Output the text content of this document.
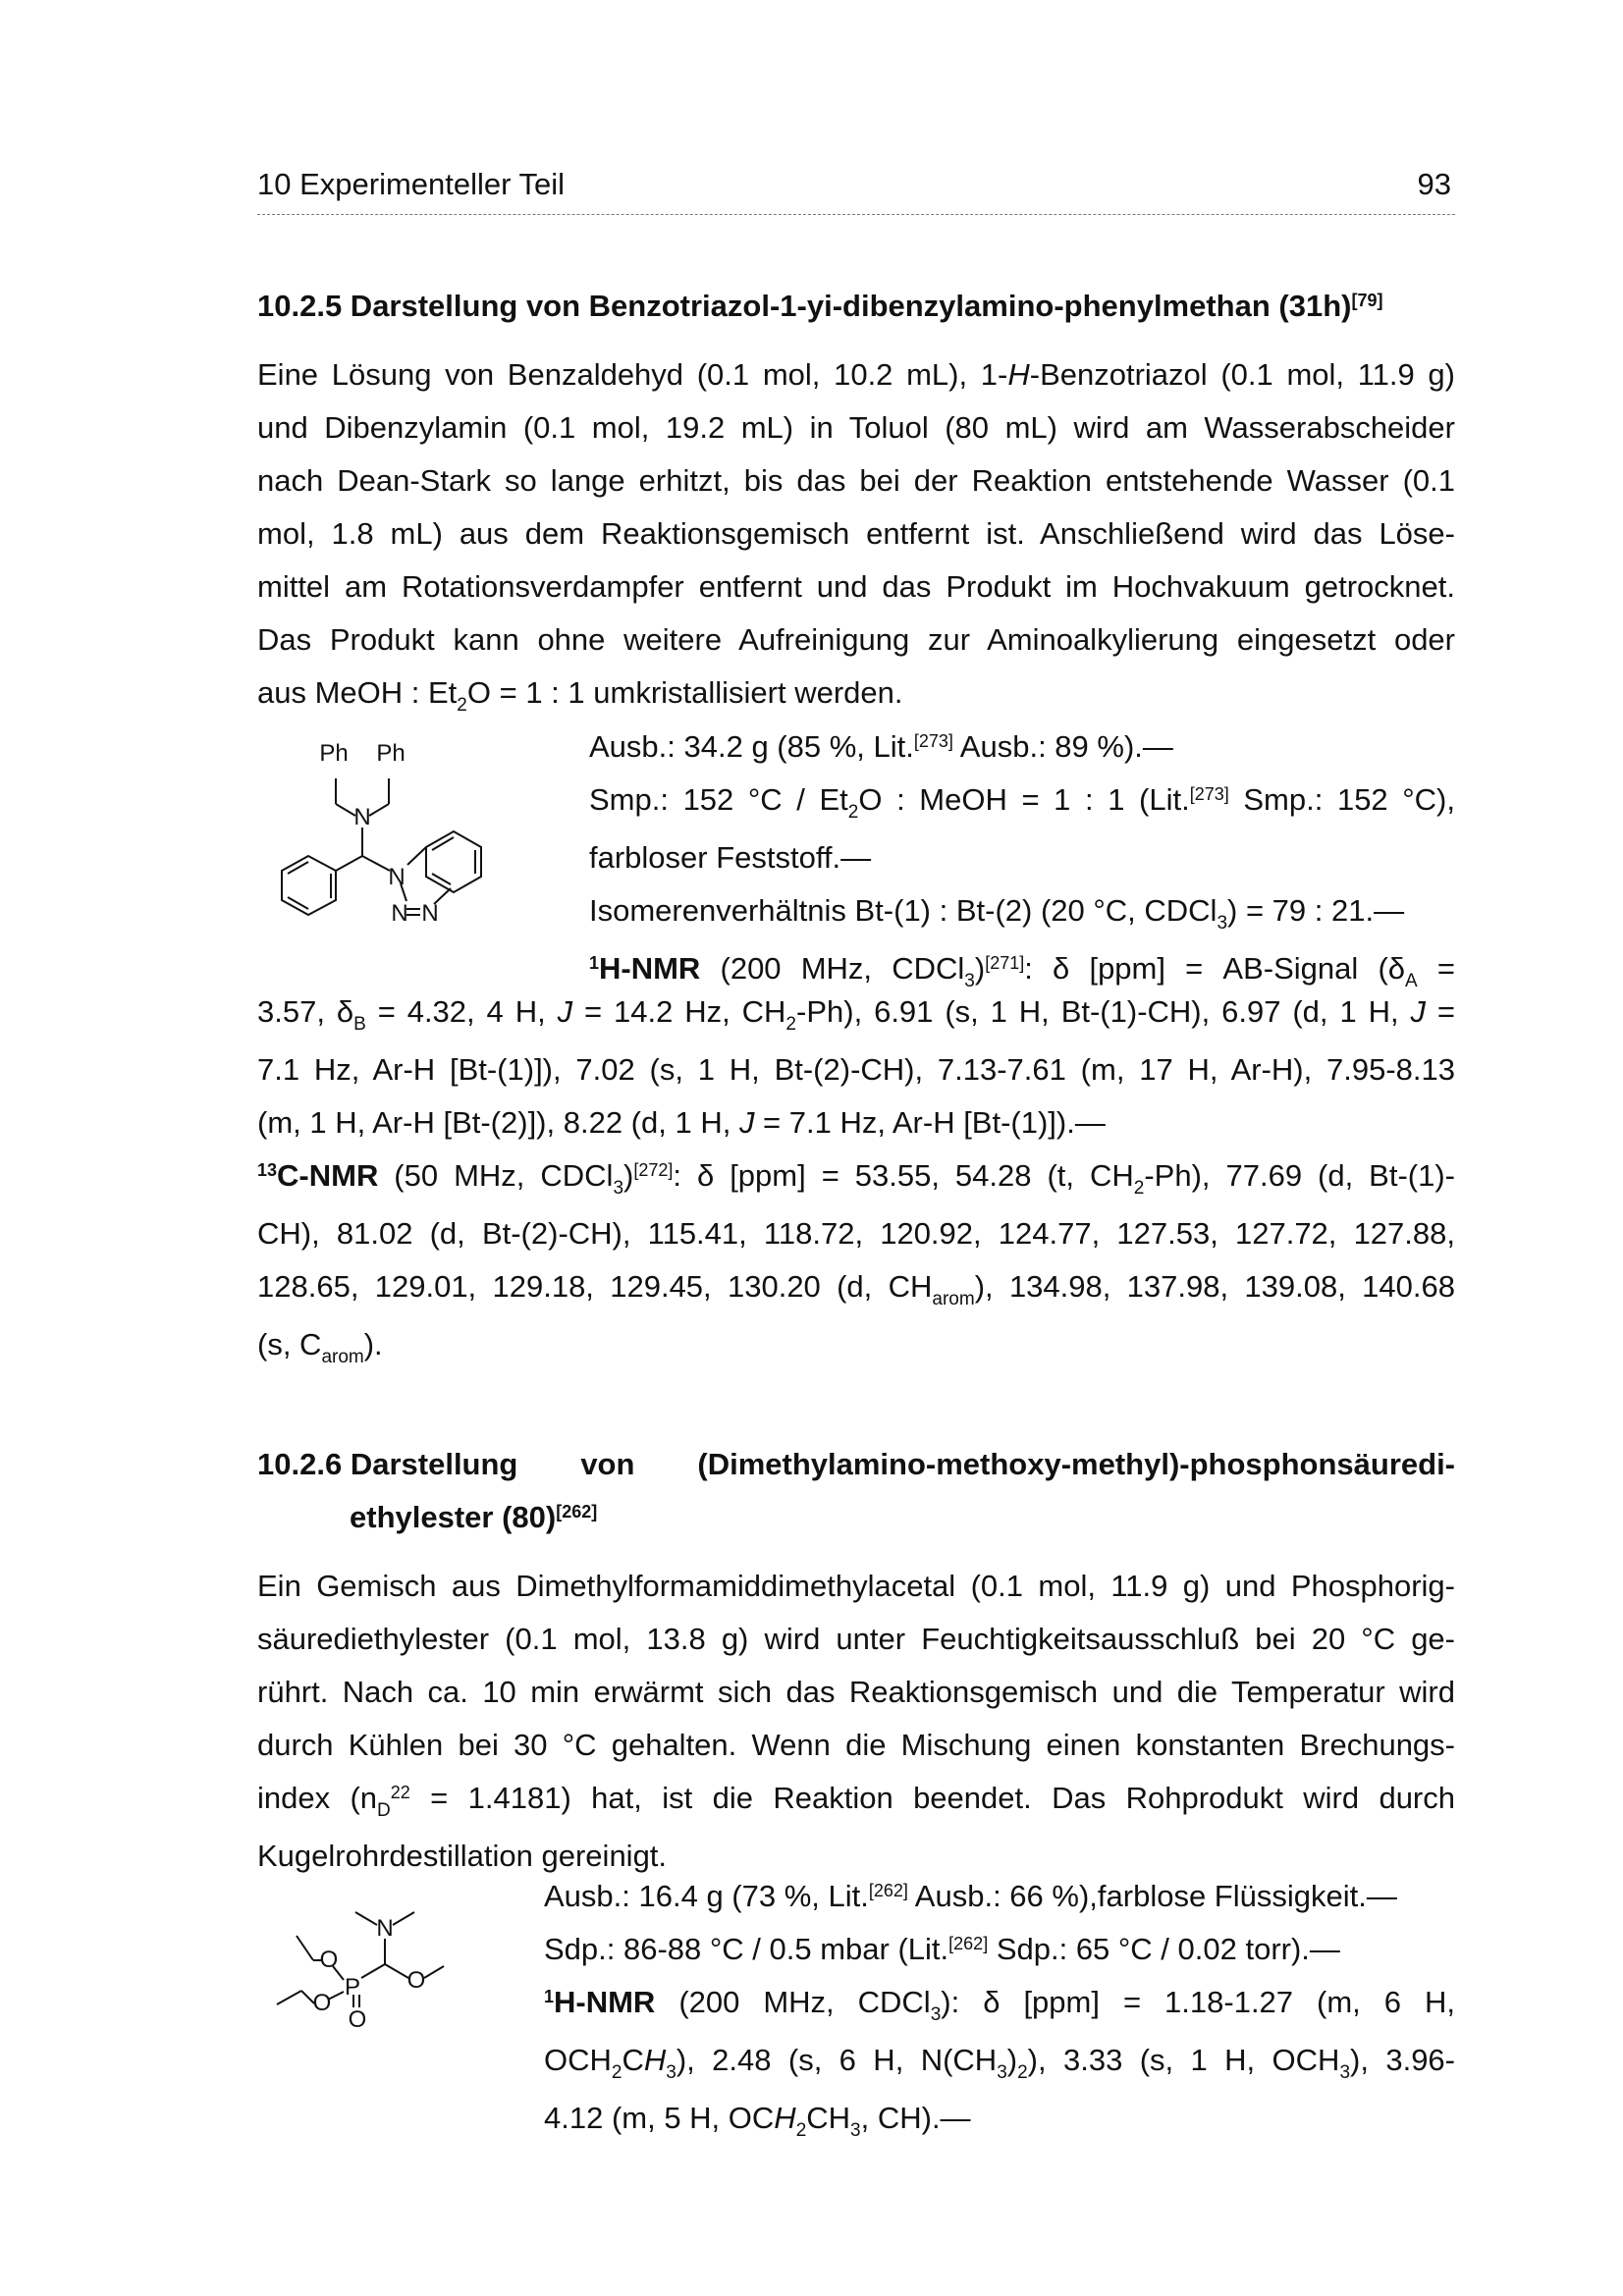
10 Experimenteller Teil	93
10.2.5 Darstellung von Benzotriazol-1-yi-dibenzylamino-phenylmethan (31h)[79]
Eine Lösung von Benzaldehyd (0.1 mol, 10.2 mL), 1-H-Benzotriazol (0.1 mol, 11.9 g)
und Dibenzylamin (0.1 mol, 19.2 mL) in Toluol (80 mL) wird am Wasserabscheider
nach Dean-Stark so lange erhitzt, bis das bei der Reaktion entstehende Wasser (0.1
mol, 1.8 mL) aus dem Reaktionsgemisch entfernt ist. Anschließend wird das Löse-
mittel am Rotationsverdampfer entfernt und das Produkt im Hochvakuum getrocknet.
Das Produkt kann ohne weitere Aufreinigung zur Aminoalkylierung eingesetzt oder
aus MeOH : $Et_2O = 1$ : 1 umkristallisiert werden.
Ph Ph
N
N
N N
Ausb.: 34.2 g (85 %, Lit.[273] Ausb.: 89 %).—
Smp.: 152 $^\circ C / Et_2O$ : MeOH = 1 : 1 (Lit.[273] Smp.: 152 °C),
farbloser Feststoff.—
Isomerenverhältnis Bt-(1) : Bt-(2) (20 °C, CDCl$_3$) = 79 : 21.—
$^1$H-NMR (200 MHz, CDCl$_3$)[271]: δ [ppm] = AB-Signal ($\delta_A$ =
3.57, $\delta_B = 4.32$, 4 H, J = 14.2 Hz, $CH_2-Ph$), 6.91 (s, 1 H, Bt-(1)-CH), 6.97 (d, 1 H, J =
7.1 Hz, Ar-H [Bt-(1)]), 7.02 (s, 1 H, Bt-(2)-CH), 7.13-7.61 (m, 17 H, Ar-H), 7.95-8.13
(m, 1 H, Ar-H [Bt-(2)]), 8.22 (d, 1 H, J = 7.1 Hz, Ar-H [Bt-(1)]).—
$^{13}$C-NMR (50 MHz, CDCl$_3$)[272]: δ [ppm] = 53.55, 54.28 (t, $CH_2-Ph$), 77.69 (d, Bt-(1)-
CH), 81.02 (d, Bt-(2)-CH), 115.41, 118.72, 120.92, 124.77, 127.53, 127.72, 127.88,
128.65, 129.01, 129.18, 129.45, 130.20 (d, $CH_{arom}$), 134.98, 137.98, 139.08, 140.68
(s, $C_{arom}$).
10.2.6 Darstellung von (Dimethylamino-methoxy-methyl)-phosphonsäuredi-
ethylester (80)[262]
Ein Gemisch aus Dimethylformamiddimethylacetal (0.1 mol, 11.9 g) und Phosphorig-
säurediethylester (0.1 mol, 13.8 g) wird unter Feuchtigkeitsausschluß bei 20 °C ge-
rührt. Nach ca. 10 min erwärmt sich das Reaktionsgemisch und die Temperatur wird
durch Kühlen bei 30 °C gehalten. Wenn die Mischung einen konstanten Brechungs-
index $(n_D^{22} = 1.4181)$ hat, ist die Reaktion beendet. Das Rohprodukt wird durch
Kugelrohrdestillation gereinigt.
N
O
P O
O
O
Ausb.: 16.4 g (73 %, Lit.[262] Ausb.: 66 %),farblose Flüssigkeit.—
Sdp.: 86-88 °C / 0.5 mbar (Lit.[262] Sdp.: 65 °C / 0.02 torr).—
$^1$H-NMR (200 MHz, CDCl$_3$): δ [ppm] = 1.18-1.27 (m, 6 H,
$OCH_2CH_3$), 2.48 (s, 6 H, $N(CH_3)_2$), 3.33 (s, 1 H, $OCH_3$), 3.96-
4.12 (m, 5 H, $OCH_2CH_3$, CH).—
